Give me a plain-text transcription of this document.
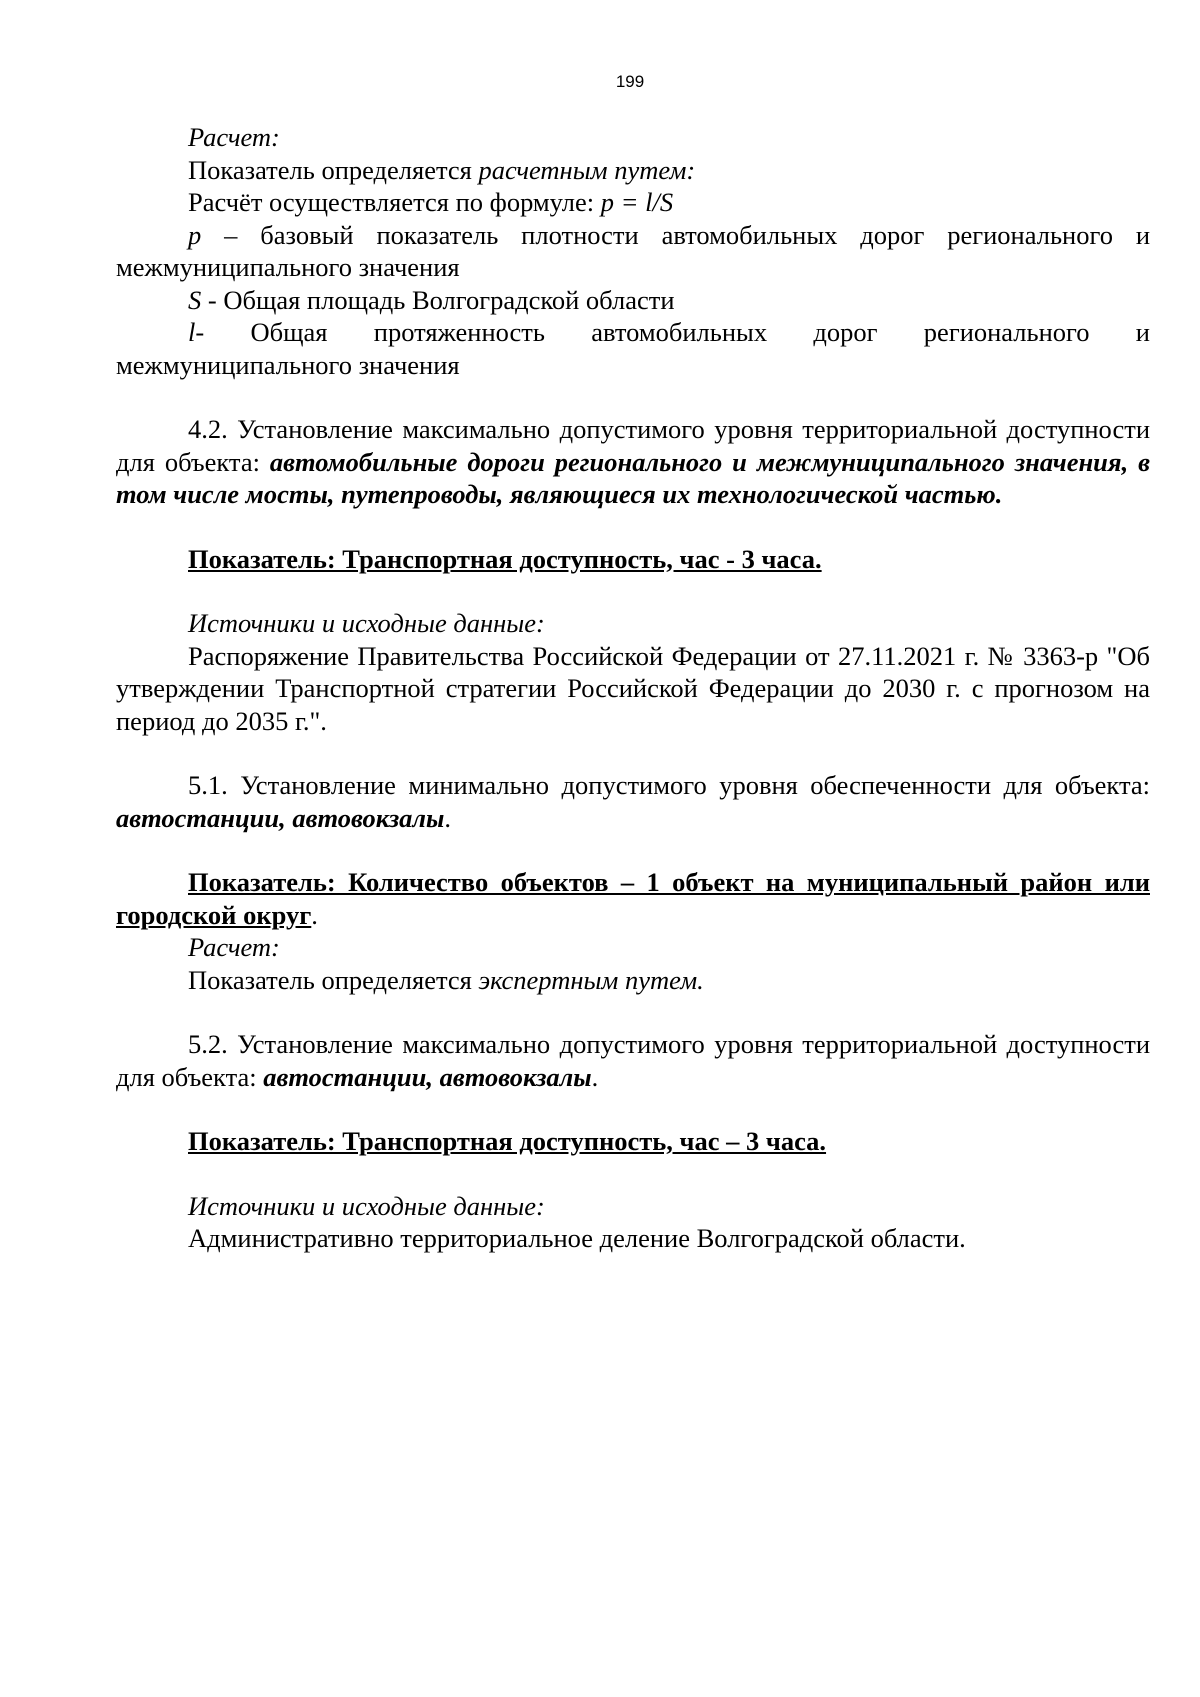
199

Расчет:

Показатель определяется расчетным путем:

Расчёт осуществляется по формуле: p = l/S

p – базовый показатель плотности автомобильных дорог регионального и межмуниципального значения

S - Общая площадь Волгоградской области

l- Общая протяженность автомобильных дорог регионального и межмуниципального значения

4.2. Установление максимально допустимого уровня территориальной доступности для объекта: автомобильные дороги регионального и межмуниципального значения, в том числе мосты, путепроводы, являющиеся их технологической частью.

Показатель: Транспортная доступность, час - 3 часа.

Источники и исходные данные:

Распоряжение Правительства Российской Федерации от 27.11.2021 г. № 3363-р "Об утверждении Транспортной стратегии Российской Федерации до 2030 г. с прогнозом на период до 2035 г.".

5.1. Установление минимально допустимого уровня обеспеченности для объекта: автостанции, автовокзалы.

Показатель: Количество объектов – 1 объект на муниципальный район или городской округ.

Расчет:

Показатель определяется экспертным путем.

5.2. Установление максимально допустимого уровня территориальной доступности для объекта: автостанции, автовокзалы.

Показатель: Транспортная доступность, час – 3 часа.

Источники и исходные данные:

Административно территориальное деление Волгоградской области.
